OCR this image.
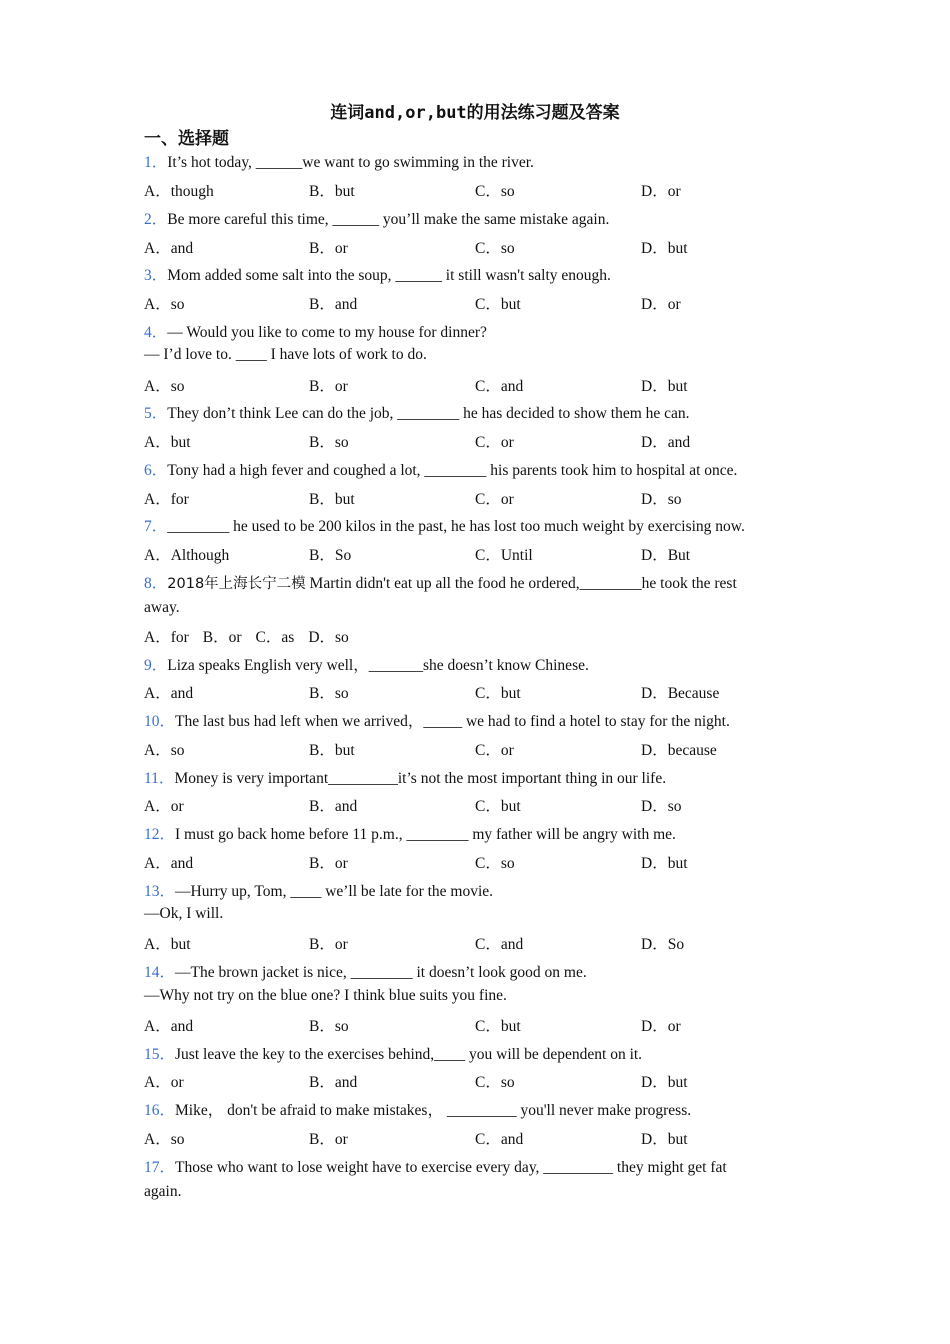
连词and,or,but的用法练习题及答案
一、选择题
1．It’s hot today, ______we want to go swimming in the river.
A．though	B．but	C．so	D．or
2．Be more careful this time, ______ you’ll make the same mistake again.
A．and	B．or	C．so	D．but
3．Mom added some salt into the soup, ______ it still wasn't salty enough.
A．so	B．and	C．but	D．or
4．— Would you like to come to my house for dinner?
— I’d love to. ____ I have lots of work to do.
A．so	B．or	C．and	D．but
5．They don’t think Lee can do the job, ________ he has decided to show them he can.
A．but	B．so	C．or	D．and
6．Tony had a high fever and coughed a lot, ________ his parents took him to hospital at once.
A．for	B．but	C．or	D．so
7．________ he used to be 200 kilos in the past, he has lost too much weight by exercising now.
A．Although	B．So	C．Until	D．But
8．2018年上海长宁二模 Martin didn't eat up all the food he ordered,________he took the rest
away.
A．for B．or C．as D．so
9．Liza speaks English very well，_______she doesn’t know Chinese.
A．and	B．so	C．but	D．Because
10．The last bus had left when we arrived，_____ we had to find a hotel to stay for the night.
A．so	B．but	C．or	D．because
11．Money is very important_________it’s not the most important thing in our life.
A．or	B．and	C．but	D．so
12．I must go back home before 11 p.m., ________ my father will be angry with me.
A．and	B．or	C．so	D．but
13．—Hurry up, Tom, ____ we’ll be late for the movie.
—Ok, I will.
A．but	B．or	C．and	D．So
14．—The brown jacket is nice, ________ it doesn’t look good on me.
—Why not try on the blue one? I think blue suits you fine.
A．and	B．so	C．but	D．or
15．Just leave the key to the exercises behind,____ you will be dependent on it.
A．or	B．and	C．so	D．but
16．Mike， don't be afraid to make mistakes， _________ you'll never make progress.
A．so	B．or	C．and	D．but
17．Those who want to lose weight have to exercise every day, _________ they might get fat
again.
